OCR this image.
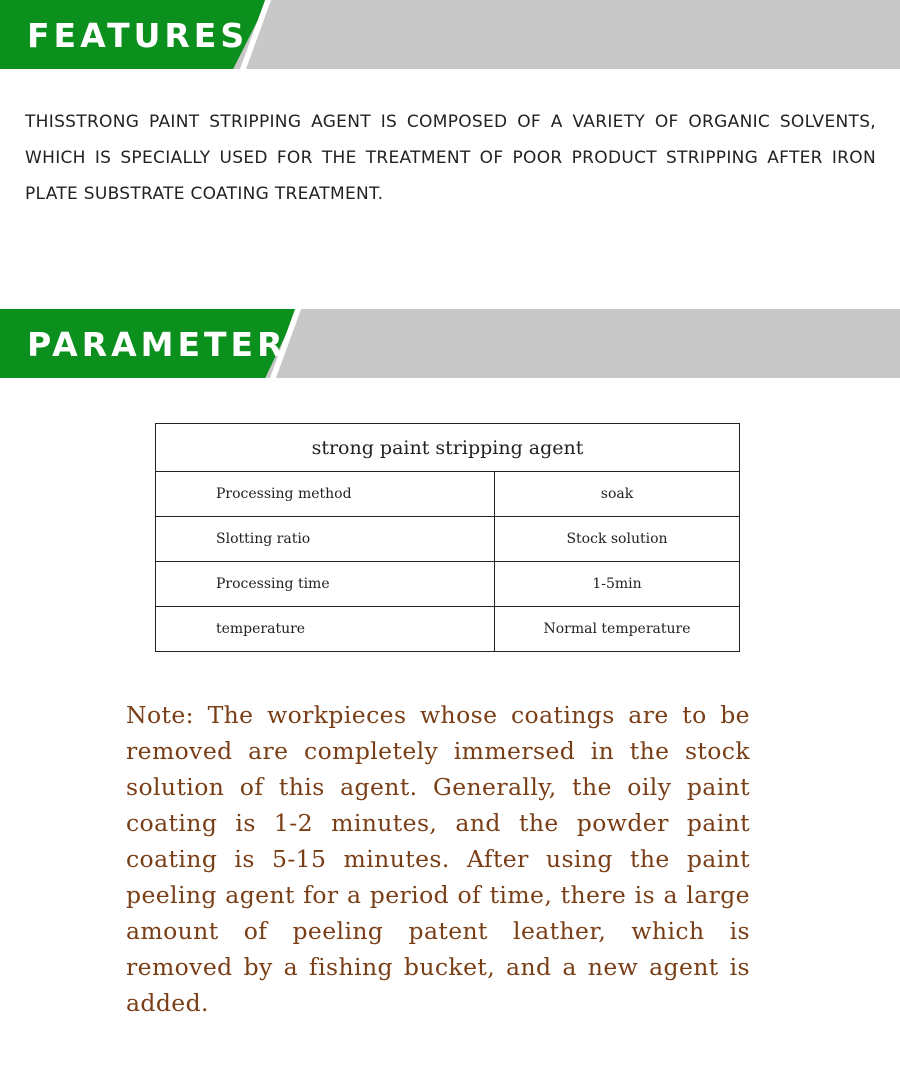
FEATURES
THISSTRONG PAINT STRIPPING AGENT IS COMPOSED OF A VARIETY OF ORGANIC SOLVENTS, WHICH IS SPECIALLY USED FOR THE TREATMENT OF POOR PRODUCT STRIPPING AFTER IRON PLATE SUBSTRATE COATING TREATMENT.
PARAMETER
strong paint stripping agent	
Processing method	soak
Slotting ratio	Stock solution
Processing time	1-5min
temperature	Normal temperature
Note: The workpieces whose coatings are to be removed are completely immersed in the stock solution of this agent. Generally, the oily paint coating is 1-2 minutes, and the powder paint coating is 5-15 minutes. After using the paint peeling agent for a period of time, there is a large amount of peeling patent leather, which is removed by a fishing bucket, and a new agent is added.
